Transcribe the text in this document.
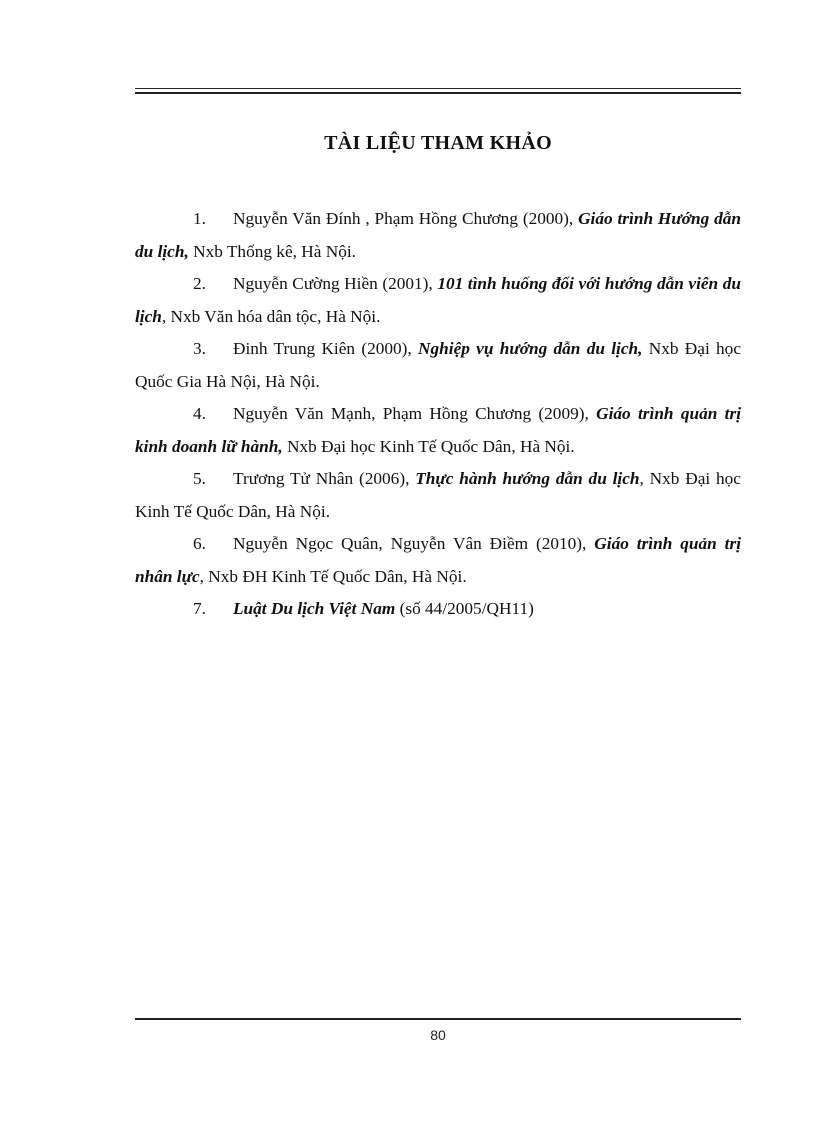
TÀI LIỆU THAM KHẢO
1. Nguyễn Văn Đính , Phạm Hồng Chương (2000), Giáo trình Hướng dẫn du lịch, Nxb Thống kê, Hà Nội.
2. Nguyễn Cường Hiền (2001), 101 tình huống đối với hướng dẫn viên du lịch, Nxb Văn hóa dân tộc, Hà Nội.
3. Đinh Trung Kiên (2000), Nghiệp vụ hướng dẫn du lịch, Nxb Đại học Quốc Gia Hà Nội, Hà Nội.
4. Nguyễn Văn Mạnh, Phạm Hồng Chương (2009), Giáo trình quản trị kinh doanh lữ hành, Nxb Đại học Kinh Tế Quốc Dân, Hà Nội.
5. Trương Tử Nhân (2006), Thực hành hướng dẫn du lịch, Nxb Đại học Kinh Tế Quốc Dân, Hà Nội.
6. Nguyễn Ngọc Quân, Nguyễn Vân Điềm (2010), Giáo trình quản trị nhân lực, Nxb ĐH Kinh Tế Quốc Dân, Hà Nội.
7. Luật Du lịch Việt Nam (số 44/2005/QH11)
80
